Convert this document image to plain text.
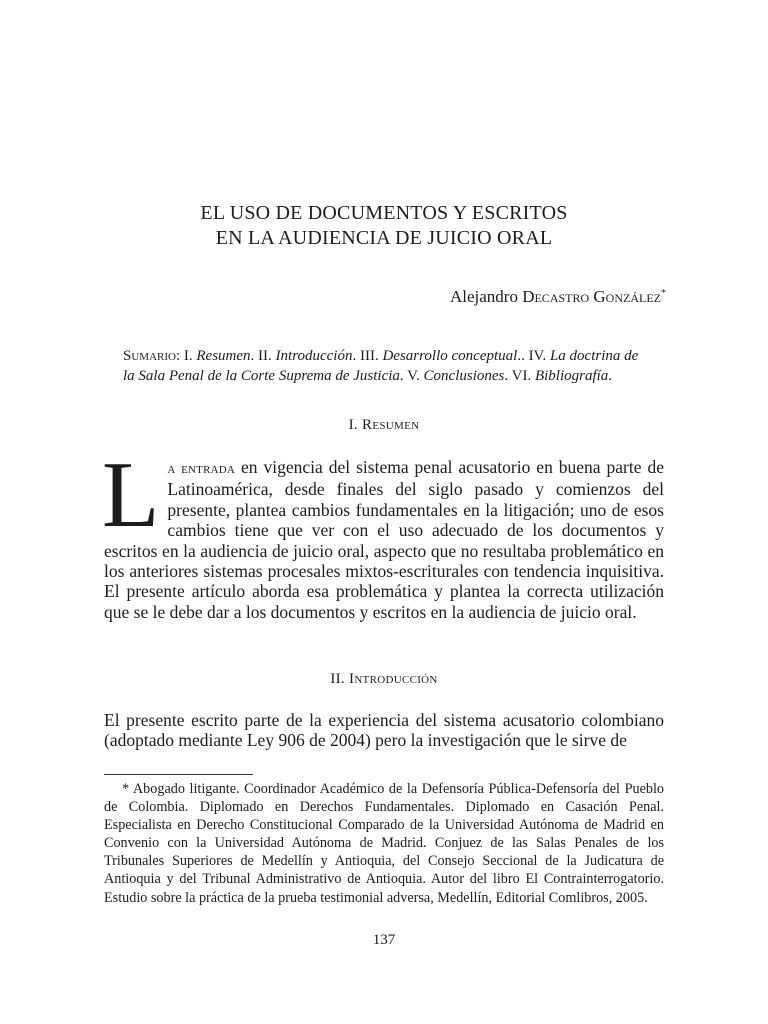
EL USO DE DOCUMENTOS Y ESCRITOS
EN LA AUDIENCIA DE JUICIO ORAL
Alejandro Decastro González*
Sumario: I. Resumen. II. Introducción. III. Desarrollo conceptual.. IV. La doctrina de la Sala Penal de la Corte Suprema de Justicia. V. Conclusiones. VI. Bibliografía.
I. Resumen
La entrada en vigencia del sistema penal acusatorio en buena parte de Latinoamérica, desde finales del siglo pasado y comienzos del presente, plantea cambios fundamentales en la litigación; uno de esos cambios tiene que ver con el uso adecuado de los documentos y escritos en la audiencia de juicio oral, aspecto que no resultaba problemático en los anteriores sistemas procesales mixtos-escriturales con tendencia inquisitiva. El presente artículo aborda esa problemática y plantea la correcta utilización que se le debe dar a los documentos y escritos en la audiencia de juicio oral.
II. Introducción
El presente escrito parte de la experiencia del sistema acusatorio colombiano (adoptado mediante Ley 906 de 2004) pero la investigación que le sirve de
* Abogado litigante. Coordinador Académico de la Defensoría Pública-Defensoría del Pueblo de Colombia. Diplomado en Derechos Fundamentales. Diplomado en Casación Penal. Especialista en Derecho Constitucional Comparado de la Universidad Autónoma de Madrid en Convenio con la Universidad Autónoma de Madrid. Conjuez de las Salas Penales de los Tribunales Superiores de Medellín y Antioquia, del Consejo Seccional de la Judicatura de Antioquia y del Tribunal Administrativo de Antioquia. Autor del libro El Contrainterrogatorio. Estudio sobre la práctica de la prueba testimonial adversa, Medellín, Editorial Comlibros, 2005.
137
